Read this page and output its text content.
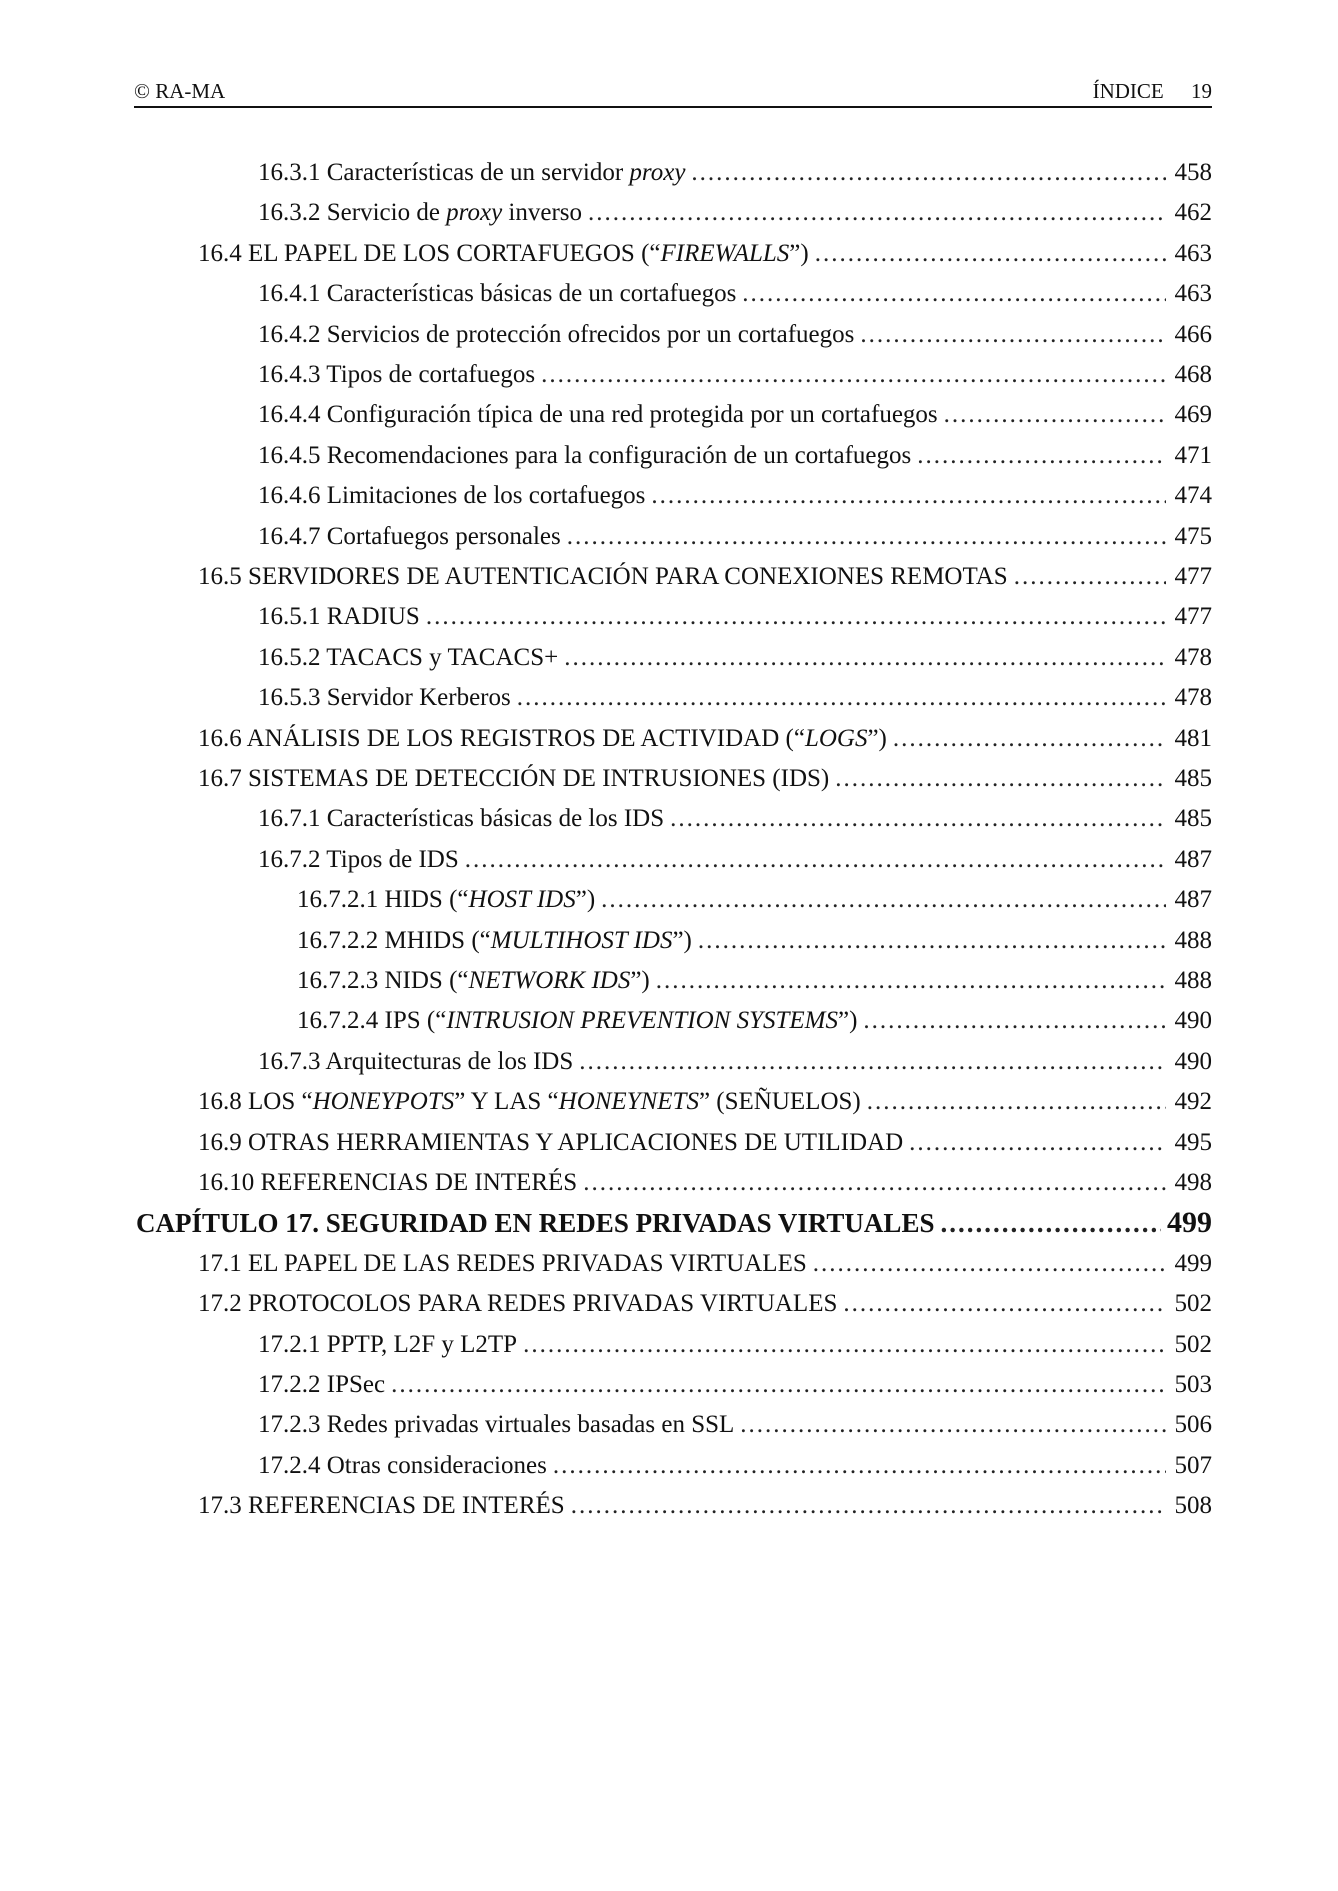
© RA-MA	ÍNDICE 19
16.3.1 Características de un servidor proxy .....	458
16.3.2 Servicio de proxy inverso .....	462
16.4 EL PAPEL DE LOS CORTAFUEGOS (“FIREWALLS”) .....	463
16.4.1 Características básicas de un cortafuegos .....	463
16.4.2 Servicios de protección ofrecidos por un cortafuegos .....	466
16.4.3 Tipos de cortafuegos .....	468
16.4.4 Configuración típica de una red protegida por un cortafuegos .....	469
16.4.5 Recomendaciones para la configuración de un cortafuegos .....	471
16.4.6 Limitaciones de los cortafuegos .....	474
16.4.7 Cortafuegos personales .....	475
16.5 SERVIDORES DE AUTENTICACIÓN PARA CONEXIONES REMOTAS .....	477
16.5.1 RADIUS .....	477
16.5.2 TACACS y TACACS+ .....	478
16.5.3 Servidor Kerberos .....	478
16.6 ANÁLISIS DE LOS REGISTROS DE ACTIVIDAD (“LOGS”) .....	481
16.7 SISTEMAS DE DETECCIÓN DE INTRUSIONES (IDS) .....	485
16.7.1 Características básicas de los IDS .....	485
16.7.2 Tipos de IDS .....	487
16.7.2.1 HIDS (“HOST IDS”) .....	487
16.7.2.2 MHIDS (“MULTIHOST IDS”) .....	488
16.7.2.3 NIDS (“NETWORK IDS”) .....	488
16.7.2.4 IPS (“INTRUSION PREVENTION SYSTEMS”) .....	490
16.7.3 Arquitecturas de los IDS .....	490
16.8 LOS “HONEYPOTS” Y LAS “HONEYNETS” (SEÑUELOS) .....	492
16.9 OTRAS HERRAMIENTAS Y APLICACIONES DE UTILIDAD .....	495
16.10 REFERENCIAS DE INTERÉS .....	498
CAPÍTULO 17. SEGURIDAD EN REDES PRIVADAS VIRTUALES .....	499
17.1 EL PAPEL DE LAS REDES PRIVADAS VIRTUALES .....	499
17.2 PROTOCOLOS PARA REDES PRIVADAS VIRTUALES .....	502
17.2.1 PPTP, L2F y L2TP .....	502
17.2.2 IPSec .....	503
17.2.3 Redes privadas virtuales basadas en SSL .....	506
17.2.4 Otras consideraciones .....	507
17.3 REFERENCIAS DE INTERÉS .....	508
